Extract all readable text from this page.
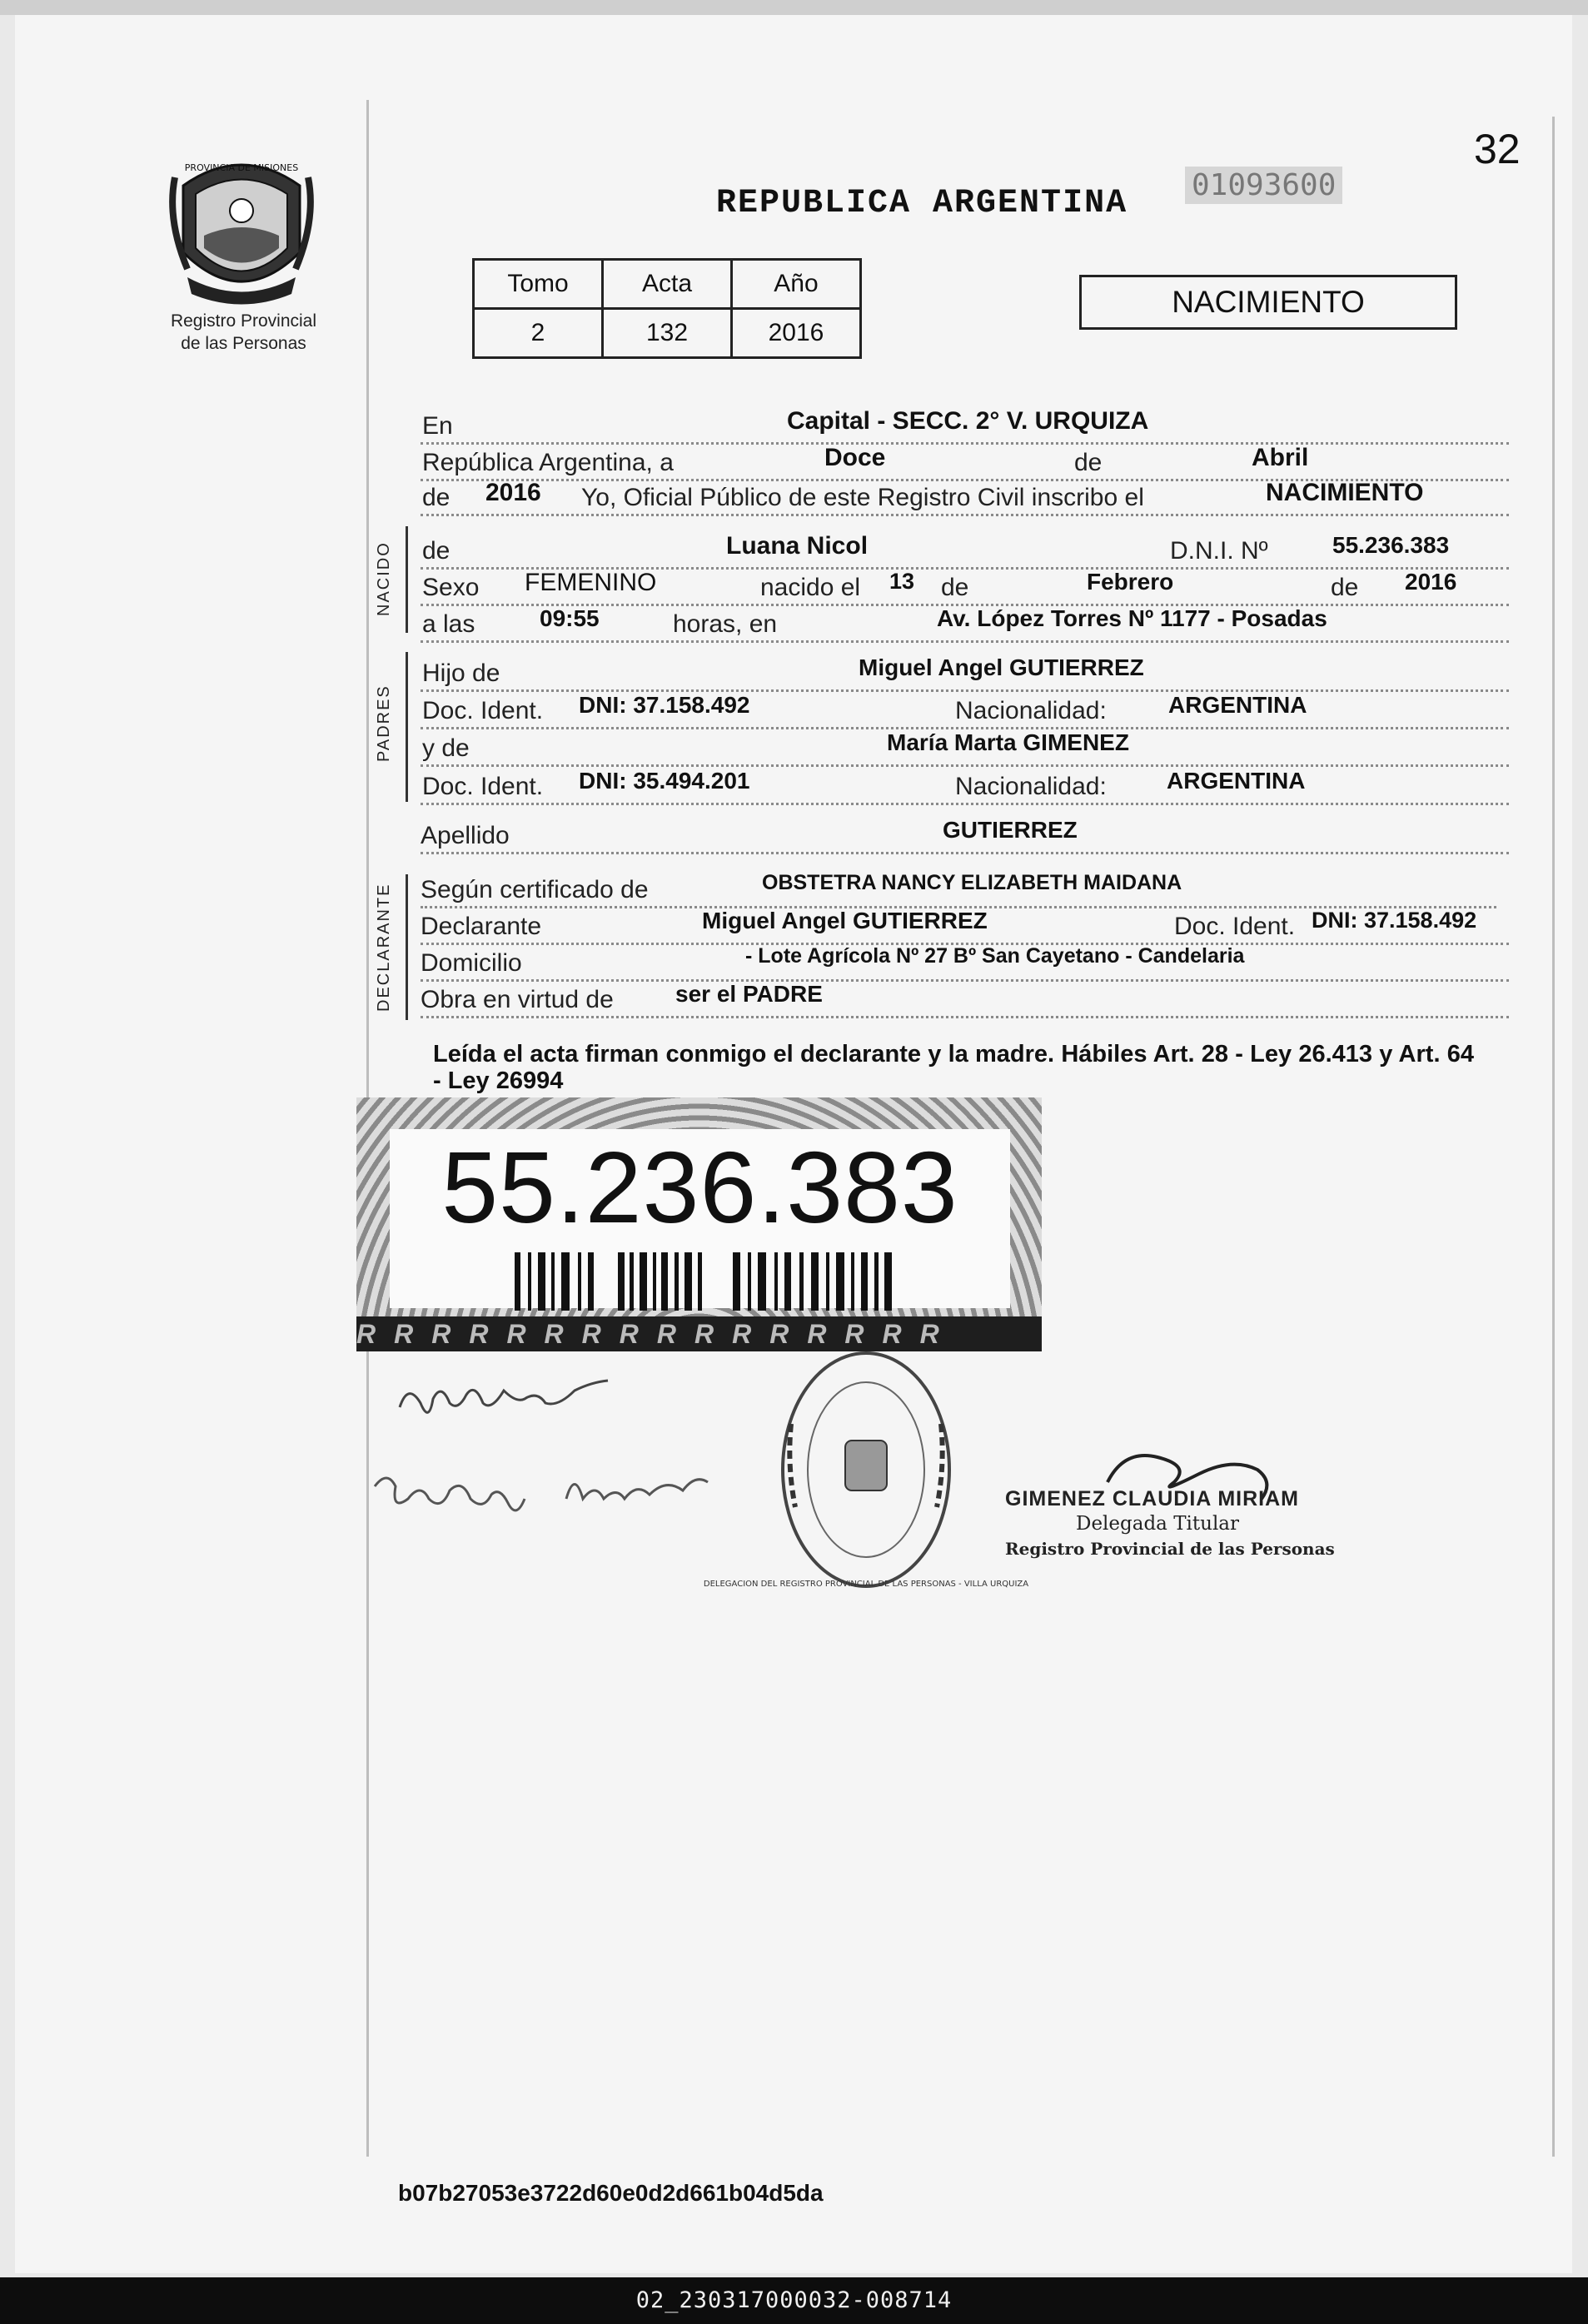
32
PROVINCIA DE MISIONES
Registro Provincial
de las Personas
REPUBLICA ARGENTINA 01093600
Tomo	Acta	Año
2	132	2016
NACIMIENTO
En	Capital - SECC. 2° V. URQUIZA
República Argentina, a	Doce	de	Abril
de 2016 Yo, Oficial Público de este Registro Civil inscribo el	NACIMIENTO
NACIDO de	Luana Nicol	D.N.I. Nº	55.236.383
Sexo FEMENINO	nacido el 13 de	Febrero	de 2016
a las	09:55	horas, en	Av. López Torres Nº 1177 - Posadas
PADRES
Hijo de	Miguel Angel GUTIERREZ
Doc. Ident. DNI: 37.158.492	Nacionalidad:	ARGENTINA
y de	María Marta GIMENEZ
Doc. Ident. DNI: 35.494.201	Nacionalidad:	ARGENTINA
Apellido	GUTIERREZ
DECLARANTE Según certificado de	OBSTETRA NANCY ELIZABETH MAIDANA
Declarante	Miguel Angel GUTIERREZ	Doc. Ident. DNI: 37.158.492
Domicilio	- Lote Agrícola Nº 27 Bº San Cayetano - Candelaria
Obra en virtud de	ser el PADRE
Leída el acta firman conmigo el declarante y la madre. Hábiles Art. 28 - Ley 26.413 y Art. 64 - Ley 26994
55.236.383
RRRRRRRRRRRRRRRR
DELEGACION DEL REGISTRO PROVINCIAL DE LAS PERSONAS - VILLA URQUIZA
GIMENEZ CLAUDIA MIRIAM
Delegada Titular
Registro Provincial de las Personas
b07b27053e3722d60e0d2d661b04d5da
02_230317000032-008714
